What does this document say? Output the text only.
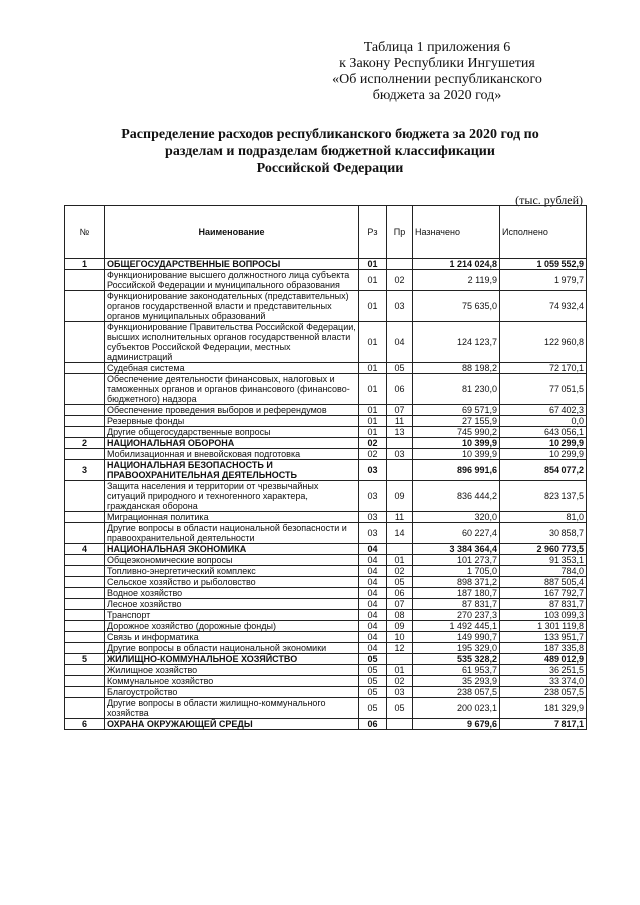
Таблица 1 приложения 6
к Закону Республики Ингушетия
«Об исполнении республиканского
бюджета за 2020 год»
Распределение расходов республиканского бюджета за 2020 год по
разделам и подразделам бюджетной классификации
Российской Федерации
(тыс. рублей)
№	Наименование	Рз	Пр	Назначено	Исполнено
1	ОБЩЕГОСУДАРСТВЕННЫЕ ВОПРОСЫ	01		1 214 024,8	1 059 552,9
	Функционирование высшего должностного лица субъекта Российской Федерации и муниципального образования	01	02	2 119,9	1 979,7
	Функционирование законодательных (представительных) органов государственной власти и представительных органов муниципальных образований	01	03	75 635,0	74 932,4
	Функционирование Правительства Российской Федерации, высших исполнительных органов государственной власти субъектов Российской Федерации, местных администраций	01	04	124 123,7	122 960,8
	Судебная система	01	05	88 198,2	72 170,1
	Обеспечение деятельности финансовых, налоговых и таможенных органов и органов финансового (финансово-бюджетного) надзора	01	06	81 230,0	77 051,5
	Обеспечение проведения выборов и референдумов	01	07	69 571,9	67 402,3
	Резервные фонды	01	11	27 155,9	0,0
	Другие общегосударственные вопросы	01	13	745 990,2	643 056,1
2	НАЦИОНАЛЬНАЯ ОБОРОНА	02		10 399,9	10 299,9
	Мобилизационная и вневойсковая подготовка	02	03	10 399,9	10 299,9
3	НАЦИОНАЛЬНАЯ БЕЗОПАСНОСТЬ И ПРАВООХРАНИТЕЛЬНАЯ ДЕЯТЕЛЬНОСТЬ	03		896 991,6	854 077,2
	Защита населения и территории от чрезвычайных ситуаций природного и техногенного характера, гражданская оборона	03	09	836 444,2	823 137,5
	Миграционная политика	03	11	320,0	81,0
	Другие вопросы в области национальной безопасности и правоохранительной деятельности	03	14	60 227,4	30 858,7
4	НАЦИОНАЛЬНАЯ ЭКОНОМИКА	04		3 384 364,4	2 960 773,5
	Общеэкономические вопросы	04	01	101 273,7	91 353,1
	Топливно-энергетический комплекс	04	02	1 705,0	784,0
	Сельское хозяйство и рыболовство	04	05	898 371,2	887 505,4
	Водное хозяйство	04	06	187 180,7	167 792,7
	Лесное хозяйство	04	07	87 831,7	87 831,7
	Транспорт	04	08	270 237,3	103 099,3
	Дорожное хозяйство (дорожные фонды)	04	09	1 492 445,1	1 301 119,8
	Связь и информатика	04	10	149 990,7	133 951,7
	Другие вопросы в области национальной экономики	04	12	195 329,0	187 335,8
5	ЖИЛИЩНО-КОММУНАЛЬНОЕ ХОЗЯЙСТВО	05		535 328,2	489 012,9
	Жилищное хозяйство	05	01	61 953,7	36 251,5
	Коммунальное хозяйство	05	02	35 293,9	33 374,0
	Благоустройство	05	03	238 057,5	238 057,5
	Другие вопросы в области жилищно-коммунального хозяйства	05	05	200 023,1	181 329,9
6	ОХРАНА ОКРУЖАЮЩЕЙ СРЕДЫ	06		9 679,6	7 817,1
